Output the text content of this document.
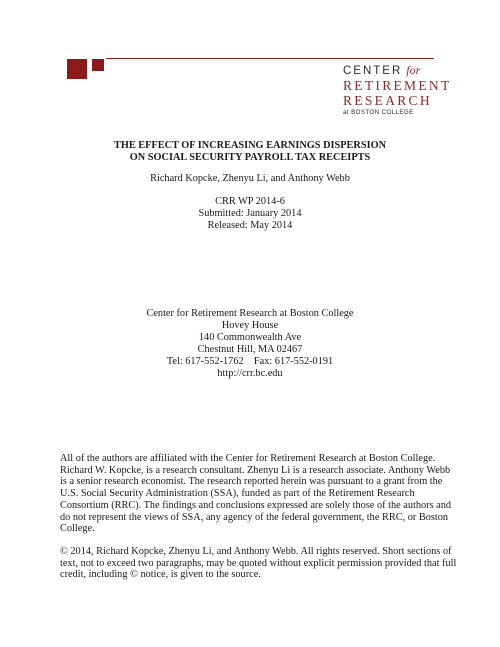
CENTER for
RETIREMENT
RESEARCH
at BOSTON COLLEGE
THE EFFECT OF INCREASING EARNINGS DISPERSION
ON SOCIAL SECURITY PAYROLL TAX RECEIPTS
Richard Kopcke, Zhenyu Li, and Anthony Webb
CRR WP 2014-6
Submitted: January 2014
Released: May 2014
Center for Retirement Research at Boston College
Hovey House
140 Commonwealth Ave
Chestnut Hill, MA 02467
Tel: 617-552-1762    Fax: 617-552-0191
http://crr.bc.edu
All of the authors are affiliated with the Center for Retirement Research at Boston College.
Richard W. Kopcke, is a research consultant. Zhenyu Li is a research associate. Anthony Webb
is a senior research economist. The research reported herein was pursuant to a grant from the
U.S. Social Security Administration (SSA), funded as part of the Retirement Research
Consortium (RRC). The findings and conclusions expressed are solely those of the authors and
do not represent the views of SSA, any agency of the federal government, the RRC, or Boston
College.
© 2014, Richard Kopcke, Zhenyu Li, and Anthony Webb. All rights reserved. Short sections of
text, not to exceed two paragraphs, may be quoted without explicit permission provided that full
credit, including © notice, is given to the source.
